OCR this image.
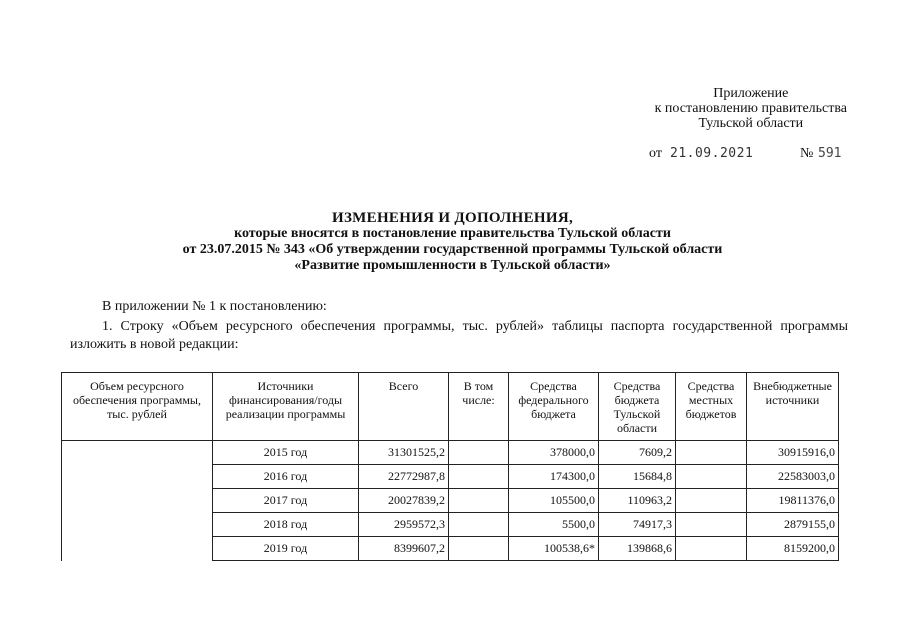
Приложение
к постановлению правительства
Тульской области
от 21.09.2021	№ 591
ИЗМЕНЕНИЯ И ДОПОЛНЕНИЯ,
которые вносятся в постановление правительства Тульской области
от 23.07.2015 № 343 «Об утверждении государственной программы Тульской области
«Развитие промышленности в Тульской области»
В приложении № 1 к постановлению:
1. Строку «Объем ресурсного обеспечения программы, тыс. рублей» таблицы паспорта государственной программы изложить в новой редакции:
Объем ресурсного обеспечения программы, тыс. рублей	Источники финансирования/годы реализации программы	Всего	В том числе:	Средства федерального бюджета	Средства бюджета Тульской области	Средства местных бюджетов	Внебюджетные источники
	2015 год	31301525,2		378000,0	7609,2		30915916,0
	2016 год	22772987,8		174300,0	15684,8		22583003,0
	2017 год	20027839,2		105500,0	110963,2		19811376,0
	2018 год	2959572,3		5500,0	74917,3		2879155,0
	2019 год	8399607,2		100538,6*	139868,6		8159200,0
